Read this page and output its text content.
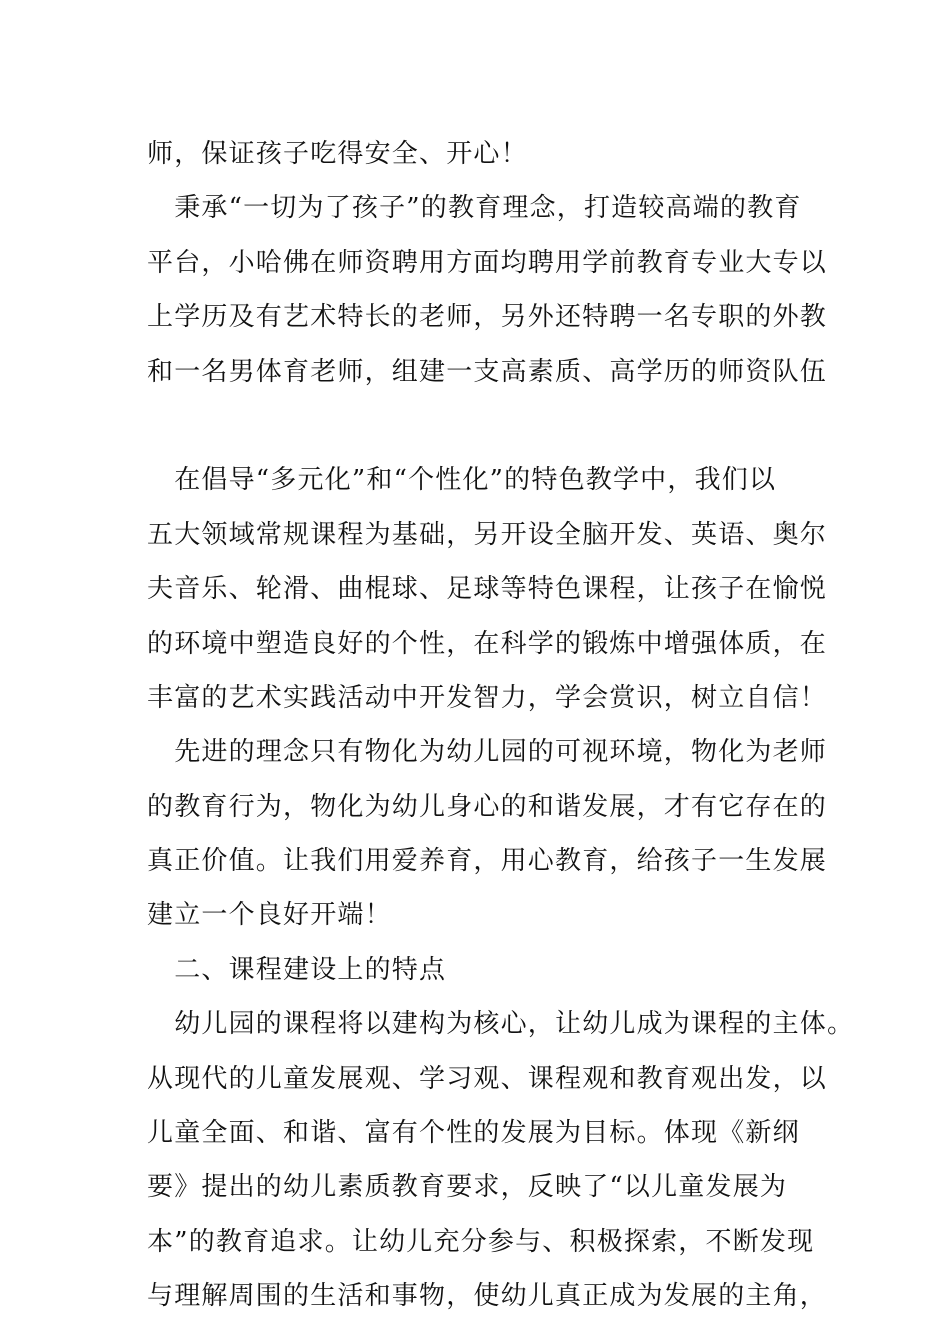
师，保证孩子吃得安全、开心！
　秉承“一切为了孩子”的教育理念，打造较高端的教育
平台，小哈佛在师资聘用方面均聘用学前教育专业大专以
上学历及有艺术特长的老师，另外还特聘一名专职的外教
和一名男体育老师，组建一支高素质、高学历的师资队伍
　在倡导“多元化”和“个性化”的特色教学中，我们以
五大领域常规课程为基础，另开设全脑开发、英语、奥尔
夫音乐、轮滑、曲棍球、足球等特色课程，让孩子在愉悦
的环境中塑造良好的个性，在科学的锻炼中增强体质，在
丰富的艺术实践活动中开发智力，学会赏识，树立自信！
　先进的理念只有物化为幼儿园的可视环境，物化为老师
的教育行为，物化为幼儿身心的和谐发展，才有它存在的
真正价值。让我们用爱养育，用心教育，给孩子一生发展
建立一个良好开端！
　二、课程建设上的特点
　幼儿园的课程将以建构为核心，让幼儿成为课程的主体。
从现代的儿童发展观、学习观、课程观和教育观出发，以
儿童全面、和谐、富有个性的发展为目标。体现《新纲
要》提出的幼儿素质教育要求，反映了“以儿童发展为
本”的教育追求。让幼儿充分参与、积极探索，不断发现
与理解周围的生活和事物，使幼儿真正成为发展的主角，
